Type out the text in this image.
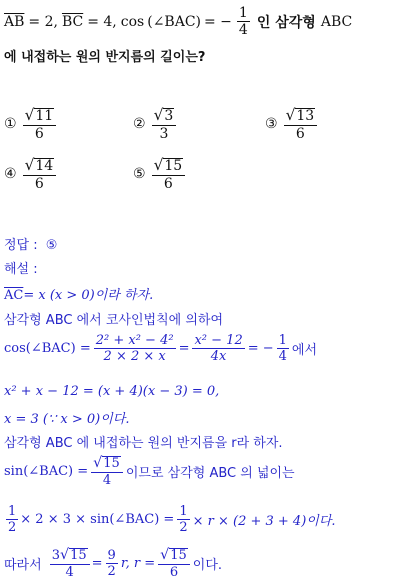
$\overline{AB} = 2$, $\overline{BC} = 4$, cos (∠BAC) = − $\frac{1}{4}$ 인 삼각형 ABC
에 내접하는 원의 반지름의 길이는?
① $\frac{√ 11}{6}$	② $\frac{√ 3}{3}$	③ $\frac{√ 13}{6}$
④ $\frac{√ 14}{6}$	⑤ $\frac{√ 15}{6}$
정답 : ⑤
해설 :
$\overline{AC}= x$ (x > 0)이라 하자.
삼각형 ABC 에서 코사인법칙에 의하여
cos(∠BAC) = $\frac{\text{2² + x² − 4²}}{2 \times 2 \times x} = \frac{\text{x² − 12}}{4x}$ = − $\frac{1}{4}$ 에서
x² + x − 12 = (x + 4)(x − 3) = 0,
x = 3 (∵ x > 0)이다.
삼각형 ABC 에 내접하는 원의 반지름을 r라 하자.
sin(∠BAC) = $\frac{√ 15}{4}$ 이므로 삼각형 ABC 의 넓이는
$\frac{1}{2} \times 2 \times 3$ × sin(∠BAC) = $\frac{1}{2} \times r \times (2 + 3 + 4)$이다.
따라서 $\frac{3 √ 15}{4} = \frac{9}{2} r$, $r = \frac{√ 15}{6}$ 이다.
